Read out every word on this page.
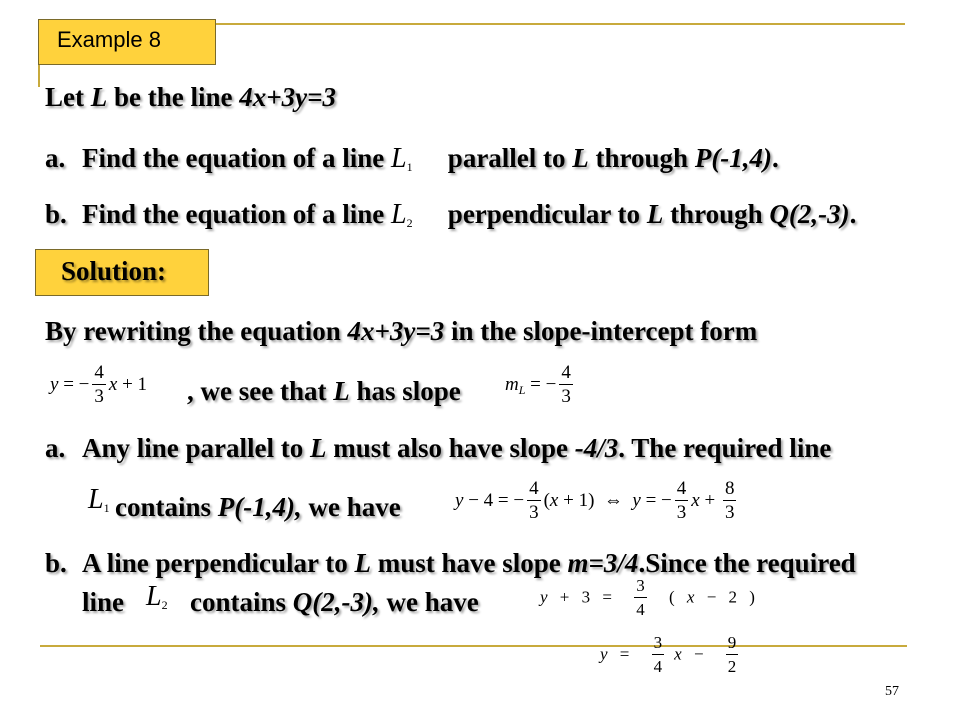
Example 8
Let L be the line 4x+3y=3
a. Find the equation of a line $L_1$ parallel to L through P(-1,4).
b. Find the equation of a line $L_2$ perpendicular to L through Q(2,-3).
Solution:
By rewriting the equation 4x+3y=3 in the slope-intercept form
y = − $\frac{4}{3}$ x + 1 , we see that L has slope $m_L$ = − $\frac{4}{3}$
a. Any line parallel to L must also have slope -4/3. The required line
$L_1$ contains P(-1,4), we have	y − 4 = − $\frac{4}{3} (x + 1)$  ⇔  y = − $\frac{4}{3}$ $x + \frac{8}{3}$
b. A line perpendicular to L must have slope m=3/4.Since the required
line $L_2$ contains Q(2,-3), we have	$y + 3 = \frac{3}{4}$ ( x − 2 )
$y = \frac{3}{4}$ $x - \frac{9}{2}$
57
